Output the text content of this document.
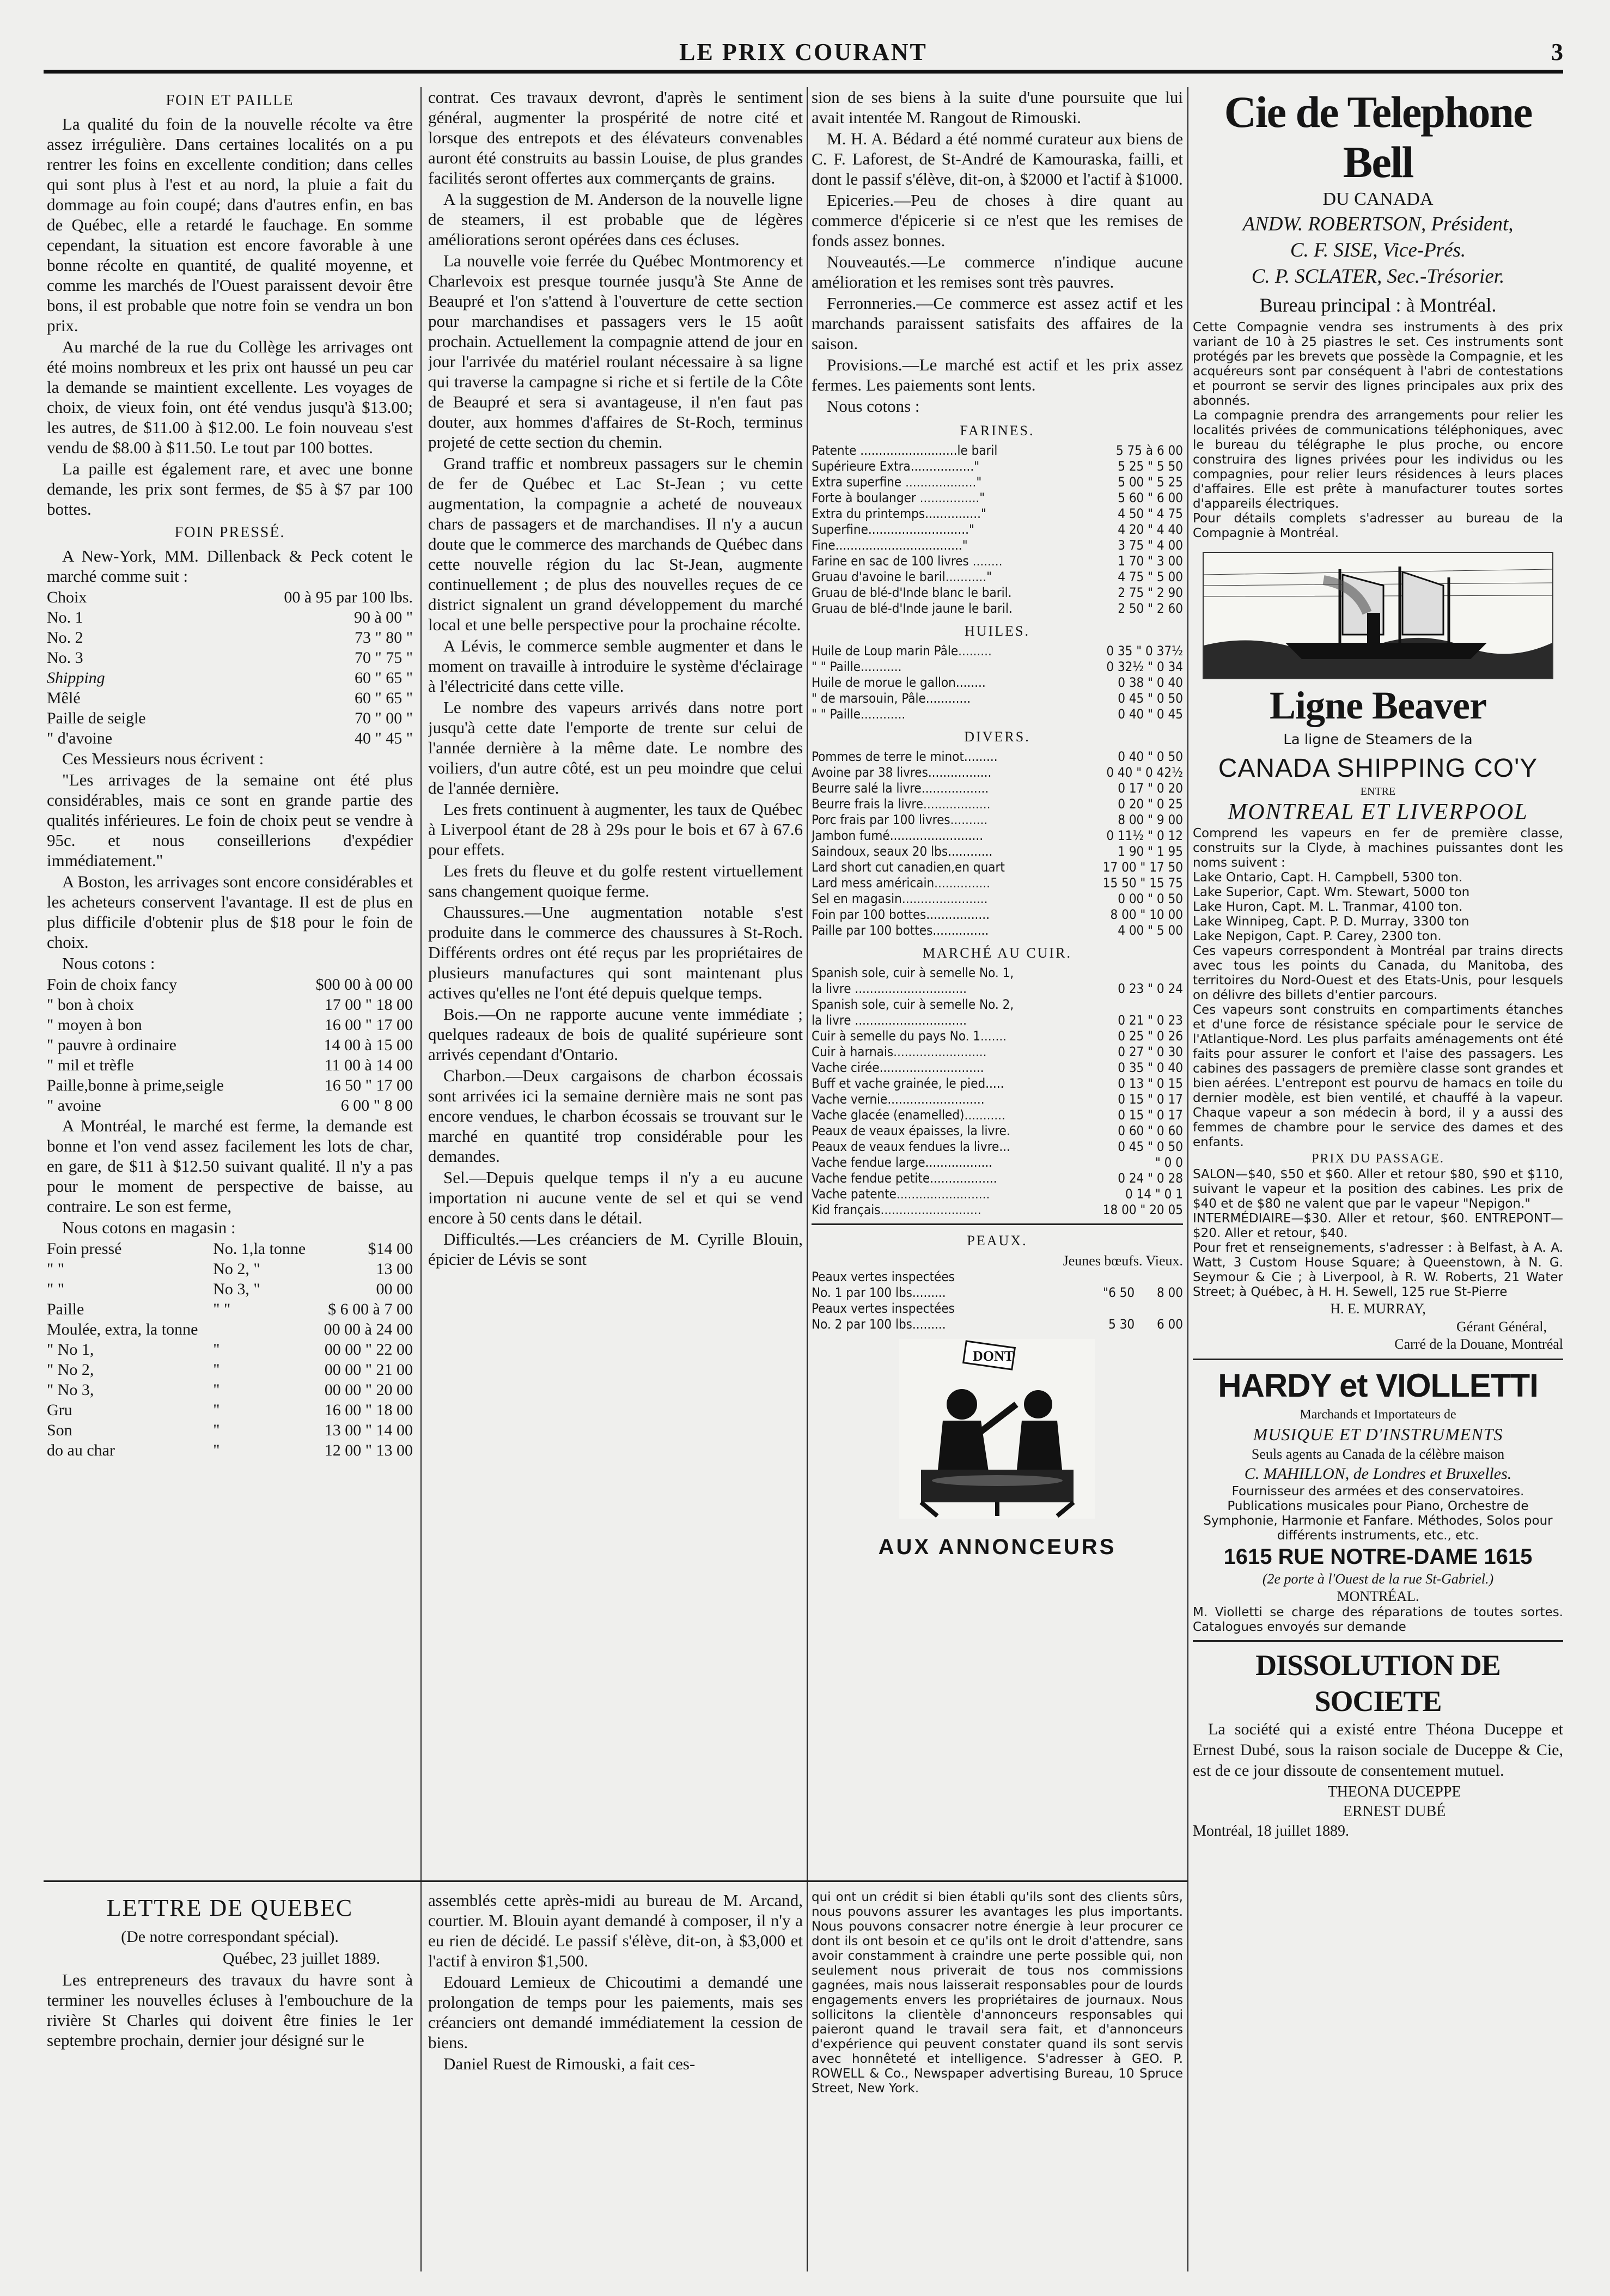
LE PRIX COURANT	3
FOIN ET PAILLE

La qualité du foin de la nouvelle récolte va être assez irrégulière. Dans certaines localités on a pu rentrer les foins en excellente condition; dans celles qui sont plus à l'est et au nord, la pluie a fait du dommage au foin coupé; dans d'autres enfin, en bas de Québec, elle a retardé le fauchage. En somme cependant, la situation est encore favorable à une bonne récolte en quantité, de qualité moyenne, et comme les marchés de l'Ouest paraissent devoir être bons, il est probable que notre foin se vendra un bon prix.

Au marché de la rue du Collège les arrivages ont été moins nombreux et les prix ont haussé un peu car la demande se maintient excellente. Les voyages de choix, de vieux foin, ont été vendus jusqu'à $13.00; les autres, de $11.00 à $12.00. Le foin nouveau s'est vendu de $8.00 à $11.50. Le tout par 100 bottes.

La paille est également rare, et avec une bonne demande, les prix sont fermes, de $5 à $7 par 100 bottes.

FOIN PRESSÉ.

A New-York, MM. Dillenback & Peck cotent le marché comme suit :

Choix	00 à 95 par 100 lbs.
No. 1	90 à 00 "
No. 2	73 " 80 "
No. 3	70 " 75 "
Shipping	60 " 65 "
Mêlé	60 " 65 "
Paille de seigle	70 " 00 "
" d'avoine	40 " 45 "

Ces Messieurs nous écrivent :

"Les arrivages de la semaine ont été plus considérables, mais ce sont en grande partie des qualités inférieures. Le foin de choix peut se vendre à 95c. et nous conseillerions d'expédier immédiatement."

A Boston, les arrivages sont encore considérables et les acheteurs conservent l'avantage. Il est de plus en plus difficile d'obtenir plus de $18 pour le foin de choix.

Nous cotons :

Foin de choix fancy	$00 00 à 00 00
" bon à choix	17 00 " 18 00
" moyen à bon	16 00 " 17 00
" pauvre à ordinaire	14 00 à 15 00
" mil et trèfle	11 00 à 14 00
Paille,bonne à prime,seigle	16 50 " 17 00
" avoine	6 00 " 8 00

A Montréal, le marché est ferme, la demande est bonne et l'on vend assez facilement les lots de char, en gare, de $11 à $12.50 suivant qualité. Il n'y a pas pour le moment de perspective de baisse, au contraire. Le son est ferme,

Nous cotons en magasin :

Foin pressé	No. 1,la tonne	$14 00
" "	No 2, "	13 00
" "	No 3, "	00 00
Paille	" "	$ 6 00 à 7 00
Moulée, extra, la tonne		00 00 à 24 00
" No 1,	"	00 00 " 22 00
" No 2,	"	00 00 " 21 00
" No 3,	"	00 00 " 20 00
Gru	"	16 00 " 18 00
Son	"	13 00 " 14 00
do au char	"	12 00 " 13 00

contrat. Ces travaux devront, d'après le sentiment général, augmenter la prospérité de notre cité et lorsque des entrepots et des élévateurs convenables auront été construits au bassin Louise, de plus grandes facilités seront offertes aux commerçants de grains.

A la suggestion de M. Anderson de la nouvelle ligne de steamers, il est probable que de légères améliorations seront opérées dans ces écluses.

La nouvelle voie ferrée du Québec Montmorency et Charlevoix est presque tournée jusqu'à Ste Anne de Beaupré et l'on s'attend à l'ouverture de cette section pour marchandises et passagers vers le 15 août prochain. Actuellement la compagnie attend de jour en jour l'arrivée du matériel roulant nécessaire à sa ligne qui traverse la campagne si riche et si fertile de la Côte de Beaupré et sera si avantageuse, il n'en faut pas douter, aux hommes d'affaires de St-Roch, terminus projeté de cette section du chemin.

Grand traffic et nombreux passagers sur le chemin de fer de Québec et Lac St-Jean ; vu cette augmentation, la compagnie a acheté de nouveaux chars de passagers et de marchandises. Il n'y a aucun doute que le commerce des marchands de Québec dans cette nouvelle région du lac St-Jean, augmente continuellement ; de plus des nouvelles reçues de ce district signalent un grand développement du marché local et une belle perspective pour la prochaine récolte.

A Lévis, le commerce semble augmenter et dans le moment on travaille à introduire le système d'éclairage à l'électricité dans cette ville.

Le nombre des vapeurs arrivés dans notre port jusqu'à cette date l'emporte de trente sur celui de l'année dernière à la même date. Le nombre des voiliers, d'un autre côté, est un peu moindre que celui de l'année dernière.

Les frets continuent à augmenter, les taux de Québec à Liverpool étant de 28 à 29s pour le bois et 67 à 67.6 pour effets.

Les frets du fleuve et du golfe restent virtuellement sans changement quoique ferme.

Chaussures.—Une augmentation notable s'est produite dans le commerce des chaussures à St-Roch. Différents ordres ont été reçus par les propriétaires de plusieurs manufactures qui sont maintenant plus actives qu'elles ne l'ont été depuis quelque temps.

Bois.—On ne rapporte aucune vente immédiate ; quelques radeaux de bois de qualité supérieure sont arrivés cependant d'Ontario.

Charbon.—Deux cargaisons de charbon écossais sont arrivées ici la semaine dernière mais ne sont pas encore vendues, le charbon écossais se trouvant sur le marché en quantité trop considérable pour les demandes.

Sel.—Depuis quelque temps il n'y a eu aucune importation ni aucune vente de sel et qui se vend encore à 50 cents dans le détail.

Difficultés.—Les créanciers de M. Cyrille Blouin, épicier de Lévis se sont

sion de ses biens à la suite d'une poursuite que lui avait intentée M. Rangout de Rimouski.

M. H. A. Bédard a été nommé curateur aux biens de C. F. Laforest, de St-André de Kamouraska, failli, et dont le passif s'élève, dit-on, à $2000 et l'actif à $1000.

Epiceries.—Peu de choses à dire quant au commerce d'épicerie si ce n'est que les remises de fonds assez bonnes.

Nouveautés.—Le commerce n'indique aucune amélioration et les remises sont très pauvres.

Ferronneries.—Ce commerce est assez actif et les marchands paraissent satisfaits des affaires de la saison.

Provisions.—Le marché est actif et les prix assez fermes. Les paiements sont lents.

Nous cotons :

FARINES.
Patente ..........................le baril	5 75 à 6 00
Supérieure Extra................."	5 25 " 5 50
Extra superfine ..................."	5 00 " 5 25
Forte à boulanger ................"	5 60 " 6 00
Extra du printemps..............."	4 50 " 4 75
Superfine..........................."	4 20 " 4 40
Fine.................................."	3 75 " 4 00
Farine en sac de 100 livres ........	1 70 " 3 00
Gruau d'avoine le baril..........."	4 75 " 5 00
Gruau de blé-d'Inde blanc le baril.	2 75 " 2 90
Gruau de blé-d'Inde jaune le baril.	2 50 " 2 60
HUILES.
Huile de Loup marin Pâle.........	0 35 " 0 37½
" " Paille...........	0 32½ " 0 34
Huile de morue le gallon........	0 38 " 0 40
" de marsouin, Pâle............	0 45 " 0 50
" " Paille............	0 40 " 0 45
DIVERS.
Pommes de terre le minot.........	0 40 " 0 50
Avoine par 38 livres.................	0 40 " 0 42½
Beurre salé la livre..................	0 17 " 0 20
Beurre frais la livre..................	0 20 " 0 25
Porc frais par 100 livres..........	8 00 " 9 00
Jambon fumé.........................	0 11½ " 0 12
Saindoux, seaux 20 lbs............	1 90 " 1 95
Lard short cut canadien,en quart	17 00 " 17 50
Lard mess américain...............	15 50 " 15 75
Sel en magasin.......................	0 00 " 0 50
Foin par 100 bottes.................	8 00 " 10 00
Paille par 100 bottes...............	4 00 " 5 00
MARCHÉ AU CUIR.
Spanish sole, cuir à semelle No. 1,	
la livre ..............................	0 23 " 0 24
Spanish sole, cuir à semelle No. 2,	
la livre ..............................	0 21 " 0 23
Cuir à semelle du pays No. 1.......	0 25 " 0 26
Cuir à harnais.........................	0 27 " 0 30
Vache cirée............................	0 35 " 0 40
Buff et vache grainée, le pied.....	0 13 " 0 15
Vache vernie..........................	0 15 " 0 17
Vache glacée (enamelled)...........	0 15 " 0 17
Peaux de veaux épaisses, la livre.	0 60 " 0 60
Peaux de veaux fendues la livre...	0 45 " 0 50
Vache fendue large..................	" 0 0
Vache fendue petite..................	0 24 " 0 28
Vache patente.........................	0 14 " 0 1
Kid français...........................	18 00 " 20 05
PEAUX.
Jeunes bœufs. Vieux.
Peaux vertes inspectées		
No. 1 par 100 lbs.........	"6 50	8 00
Peaux vertes inspectées		
No. 2 par 100 lbs.........	5 30	6 00
DONT
AUX ANNONCEURS
Cie de Telephone Bell
DU CANADA
ANDW. ROBERTSON, Président,
C. F. SISE, Vice-Prés.
C. P. SCLATER, Sec.-Trésorier.
Bureau principal : à Montréal.
Cette Compagnie vendra ses instruments à des prix variant de 10 à 25 piastres le set. Ces instruments sont protégés par les brevets que possède la Compagnie, et les acquéreurs sont par conséquent à l'abri de contestations et pourront se servir des lignes principales aux prix des abonnés.
La compagnie prendra des arrangements pour relier les localités privées de communications téléphoniques, avec le bureau du télégraphe le plus proche, ou encore construira des lignes privées pour les individus ou les compagnies, pour relier leurs résidences à leurs places d'affaires. Elle est prête à manufacturer toutes sortes d'appareils électriques.
Pour détails complets s'adresser au bureau de la Compagnie à Montréal.
Ligne Beaver
La ligne de Steamers de la
CANADA SHIPPING CO'Y
ENTRE
MONTREAL ET LIVERPOOL
Comprend les vapeurs en fer de première classe, construits sur la Clyde, à machines puissantes dont les noms suivent :
Lake Ontario, Capt. H. Campbell, 5300 ton.
Lake Superior, Capt. Wm. Stewart, 5000 ton
Lake Huron, Capt. M. L. Tranmar, 4100 ton.
Lake Winnipeg, Capt. P. D. Murray, 3300 ton
Lake Nepigon, Capt. P. Carey, 2300 ton.
Ces vapeurs correspondent à Montréal par trains directs avec tous les points du Canada, du Manitoba, des territoires du Nord-Ouest et des Etats-Unis, pour lesquels on délivre des billets d'entier parcours.
Ces vapeurs sont construits en compartiments étanches et d'une force de résistance spéciale pour le service de l'Atlantique-Nord. Les plus parfaits aménagements ont été faits pour assurer le confort et l'aise des passagers. Les cabines des passagers de première classe sont grandes et bien aérées. L'entrepont est pourvu de hamacs en toile du dernier modèle, est bien ventilé, et chauffé à la vapeur. Chaque vapeur a son médecin à bord, il y a aussi des femmes de chambre pour le service des dames et des enfants.
PRIX DU PASSAGE.
SALON—$40, $50 et $60. Aller et retour $80, $90 et $110, suivant le vapeur et la position des cabines. Les prix de $40 et de $80 ne valent que par le vapeur "Nepigon."
INTERMÉDIAIRE—$30. Aller et retour, $60. ENTREPONT—$20. Aller et retour, $40.
Pour fret et renseignements, s'adresser : à Belfast, à A. A. Watt, 3 Custom House Square; à Queenstown, à N. G. Seymour & Cie ; à Liverpool, à R. W. Roberts, 21 Water Street; à Québec, à H. H. Sewell, 125 rue St-Pierre
H. E. MURRAY,
Gérant Général,
Carré de la Douane, Montréal
HARDY et VIOLLETTI
Marchands et Importateurs de
MUSIQUE ET D'INSTRUMENTS
Seuls agents au Canada de la célèbre maison
C. MAHILLON, de Londres et Bruxelles.
Fournisseur des armées et des conservatoires.
Publications musicales pour Piano, Orchestre de Symphonie, Harmonie et Fanfare. Méthodes, Solos pour différents instruments, etc., etc.
1615 RUE NOTRE-DAME 1615
(2e porte à l'Ouest de la rue St-Gabriel.)
MONTRÉAL.
M. Violletti se charge des réparations de toutes sortes. Catalogues envoyés sur demande
DISSOLUTION DE SOCIETE

La société qui a existé entre Théona Duceppe et Ernest Dubé, sous la raison sociale de Duceppe & Cie, est de ce jour dissoute de consentement mutuel.

THEONA DUCEPPE
ERNEST DUBÉ
Montréal, 18 juillet 1889.
LETTRE DE QUEBEC
(De notre correspondant spécial).
Québec, 23 juillet 1889.

Les entrepreneurs des travaux du havre sont à terminer les nouvelles écluses à l'embouchure de la rivière St Charles qui doivent être finies le 1er septembre prochain, dernier jour désigné sur le

assemblés cette après-midi au bureau de M. Arcand, courtier. M. Blouin ayant demandé à composer, il n'y a eu rien de décidé. Le passif s'élève, dit-on, à $3,000 et l'actif à environ $1,500.

Edouard Lemieux de Chicoutimi a demandé une prolongation de temps pour les paiements, mais ses créanciers ont demandé immédiatement la cession de biens.

Daniel Ruest de Rimouski, a fait ces-

qui ont un crédit si bien établi qu'ils sont des clients sûrs, nous pouvons assurer les avantages les plus importants. Nous pouvons consacrer notre énergie à leur procurer ce dont ils ont besoin et ce qu'ils ont le droit d'attendre, sans avoir constamment à craindre une perte possible qui, non seulement nous priverait de tous nos commissions gagnées, mais nous laisserait responsables pour de lourds engagements envers les propriétaires de journaux. Nous sollicitons la clientèle d'annonceurs responsables qui paieront quand le travail sera fait, et d'annonceurs d'expérience qui peuvent constater quand ils sont servis avec honnêteté et intelligence. S'adresser à GEO. P. ROWELL & Co., Newspaper advertising Bureau, 10 Spruce Street, New York.
